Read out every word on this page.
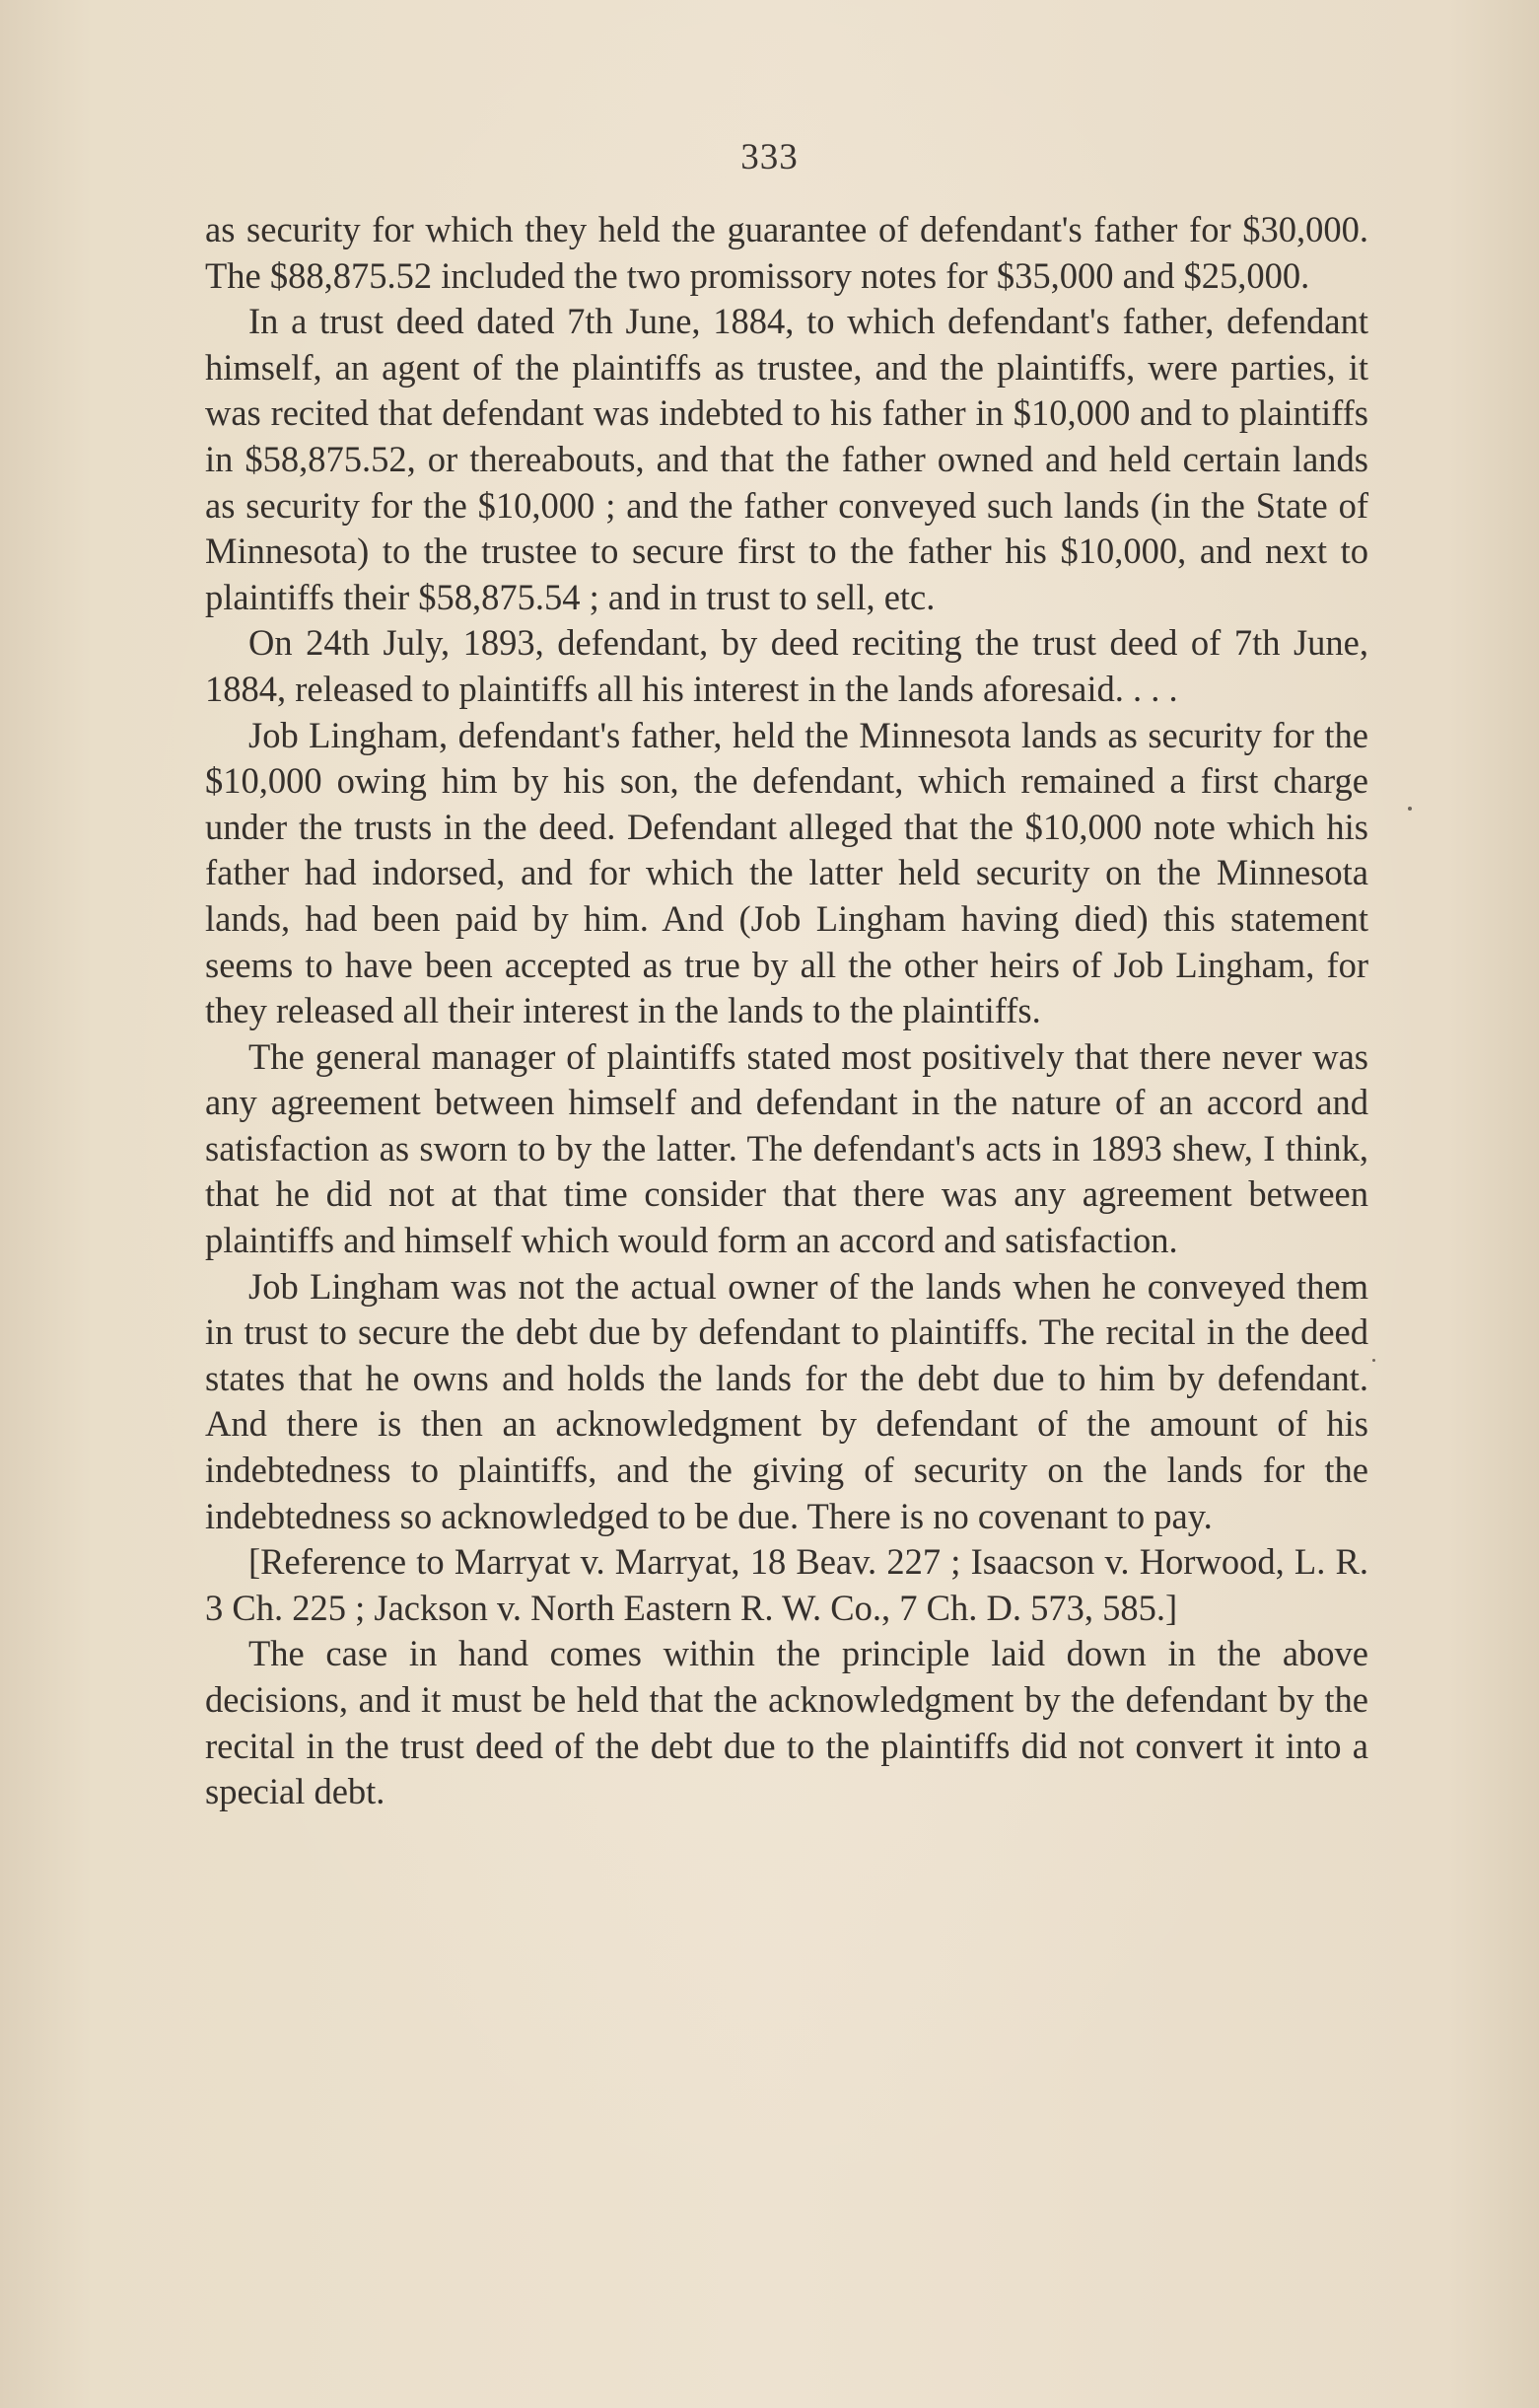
333

as security for which they held the guarantee of defendant's father for $30,000. The $88,875.52 included the two promissory notes for $35,000 and $25,000.

In a trust deed dated 7th June, 1884, to which defendant's father, defendant himself, an agent of the plaintiffs as trustee, and the plaintiffs, were parties, it was recited that defendant was indebted to his father in $10,000 and to plaintiffs in $58,875.52, or thereabouts, and that the father owned and held certain lands as security for the $10,000 ; and the father conveyed such lands (in the State of Minnesota) to the trustee to secure first to the father his $10,000, and next to plaintiffs their $58,875.54 ; and in trust to sell, etc.

On 24th July, 1893, defendant, by deed reciting the trust deed of 7th June, 1884, released to plaintiffs all his interest in the lands aforesaid. . . .

Job Lingham, defendant's father, held the Minnesota lands as security for the $10,000 owing him by his son, the defendant, which remained a first charge under the trusts in the deed. Defendant alleged that the $10,000 note which his father had indorsed, and for which the latter held security on the Minnesota lands, had been paid by him. And (Job Lingham having died) this statement seems to have been accepted as true by all the other heirs of Job Lingham, for they released all their interest in the lands to the plaintiffs.

The general manager of plaintiffs stated most positively that there never was any agreement between himself and defendant in the nature of an accord and satisfaction as sworn to by the latter. The defendant's acts in 1893 shew, I think, that he did not at that time consider that there was any agreement between plaintiffs and himself which would form an accord and satisfaction.

Job Lingham was not the actual owner of the lands when he conveyed them in trust to secure the debt due by defendant to plaintiffs. The recital in the deed states that he owns and holds the lands for the debt due to him by defendant. And there is then an acknowledgment by defendant of the amount of his indebtedness to plaintiffs, and the giving of security on the lands for the indebtedness so acknowledged to be due. There is no covenant to pay.

[Reference to Marryat v. Marryat, 18 Beav. 227 ; Isaacson v. Horwood, L. R. 3 Ch. 225 ; Jackson v. North Eastern R. W. Co., 7 Ch. D. 573, 585.]

The case in hand comes within the principle laid down in the above decisions, and it must be held that the acknowledgment by the defendant by the recital in the trust deed of the debt due to the plaintiffs did not convert it into a special debt.
